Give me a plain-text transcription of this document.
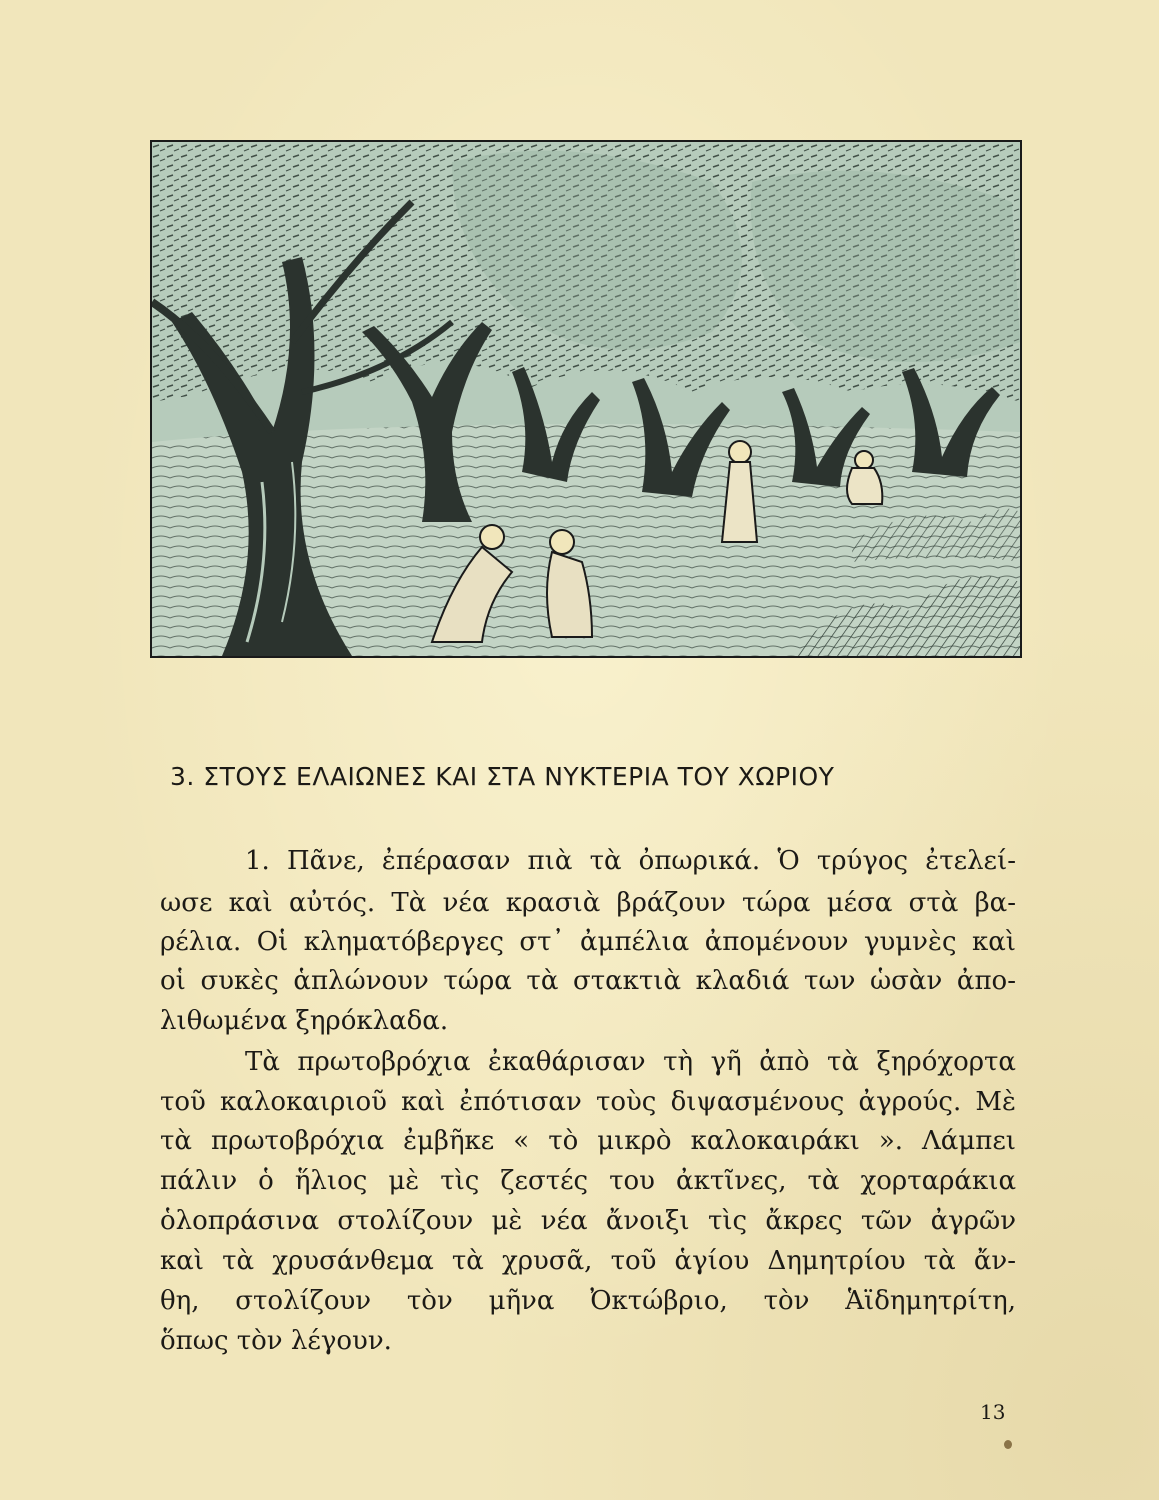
3. ΣΤΟΥΣ ΕΛΑΙΩΝΕΣ ΚΑΙ ΣΤΑ ΝΥΚΤΕΡΙΑ ΤΟΥ ΧΩΡΙΟΥ
1. Πᾶνε, ἐπέρασαν πιὰ τὰ ὀπωρικά. Ὁ τρύγος ἐτελεί-
ωσε καὶ αὐτός. Τὰ νέα κρασιὰ βράζουν τώρα μέσα στὰ βα-
ρέλια. Οἱ κληματόβεργες στ᾽ ἀμπέλια ἀπομένουν γυμνὲς καὶ
οἱ συκὲς ἁπλώνουν τώρα τὰ στακτιὰ κλαδιά των ὡσὰν ἀπο-
λιθωμένα ξηρόκλαδα.
Τὰ πρωτοβρόχια ἐκαθάρισαν τὴ γῆ ἀπὸ τὰ ξηρόχορτα
τοῦ καλοκαιριοῦ καὶ ἐπότισαν τοὺς διψασμένους ἀγρούς. Μὲ
τὰ πρωτοβρόχια ἐμβῆκε « τὸ μικρὸ καλοκαιράκι ». Λάμπει
πάλιν ὁ ἥλιος μὲ τὶς ζεστές του ἀκτῖνες, τὰ χορταράκια
ὁλοπράσινα στολίζουν μὲ νέα ἄνοιξι τὶς ἄκρες τῶν ἀγρῶν
καὶ τὰ χρυσάνθεμα τὰ χρυσᾶ, τοῦ ἁγίου Δημητρίου τὰ ἄν-
θη, στολίζουν τὸν μῆνα Ὀκτώβριο, τὸν Ἁϊδημητρίτη,
ὅπως τὸν λέγουν.
13
